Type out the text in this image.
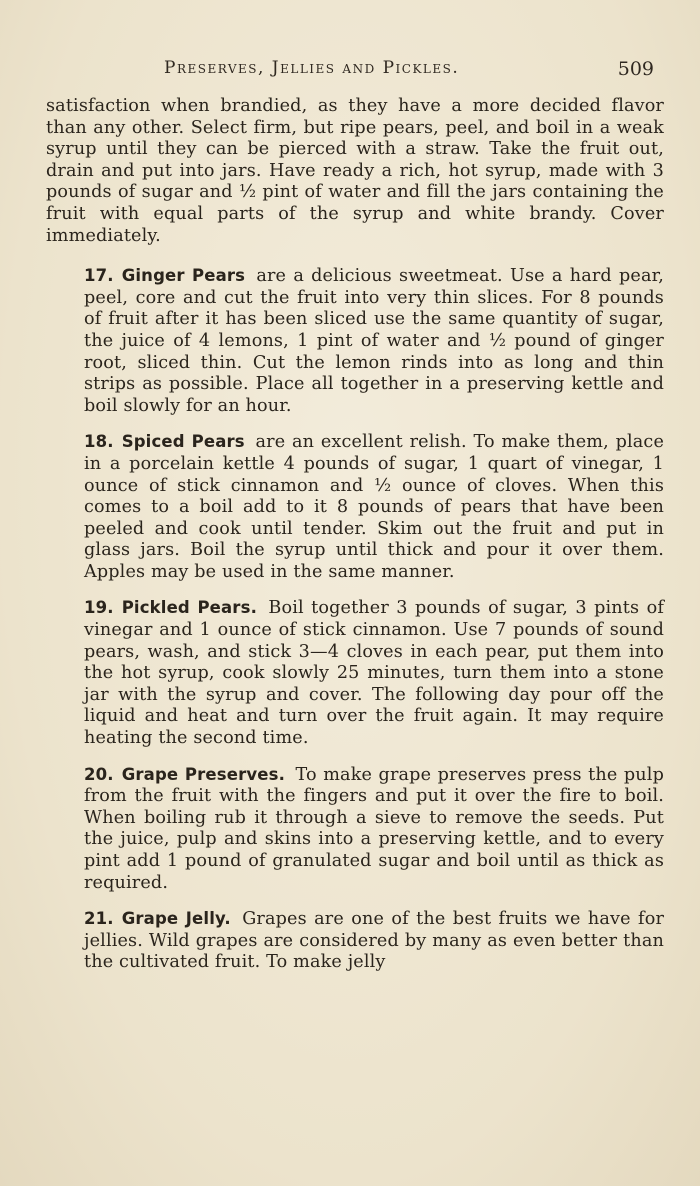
Preserves, Jellies and Pickles.	509

satisfaction when brandied, as they have a more decided flavor than any other. Select firm, but ripe pears, peel, and boil in a weak syrup until they can be pierced with a straw. Take the fruit out, drain and put into jars. Have ready a rich, hot syrup, made with 3 pounds of sugar and ½ pint of water and fill the jars containing the fruit with equal parts of the syrup and white brandy. Cover immediately.

17. Ginger Pears are a delicious sweetmeat. Use a hard pear, peel, core and cut the fruit into very thin slices. For 8 pounds of fruit after it has been sliced use the same quantity of sugar, the juice of 4 lemons, 1 pint of water and ½ pound of ginger root, sliced thin. Cut the lemon rinds into as long and thin strips as possible. Place all together in a preserving kettle and boil slowly for an hour.

18. Spiced Pears are an excellent relish. To make them, place in a porcelain kettle 4 pounds of sugar, 1 quart of vinegar, 1 ounce of stick cinnamon and ½ ounce of cloves. When this comes to a boil add to it 8 pounds of pears that have been peeled and cook until tender. Skim out the fruit and put in glass jars. Boil the syrup until thick and pour it over them. Apples may be used in the same manner.

19. Pickled Pears. Boil together 3 pounds of sugar, 3 pints of vinegar and 1 ounce of stick cinnamon. Use 7 pounds of sound pears, wash, and stick 3—4 cloves in each pear, put them into the hot syrup, cook slowly 25 minutes, turn them into a stone jar with the syrup and cover. The following day pour off the liquid and heat and turn over the fruit again. It may require heating the second time.

20. Grape Preserves. To make grape preserves press the pulp from the fruit with the fingers and put it over the fire to boil. When boiling rub it through a sieve to remove the seeds. Put the juice, pulp and skins into a preserving kettle, and to every pint add 1 pound of granulated sugar and boil until as thick as required.

21. Grape Jelly. Grapes are one of the best fruits we have for jellies. Wild grapes are considered by many as even better than the cultivated fruit. To make jelly
